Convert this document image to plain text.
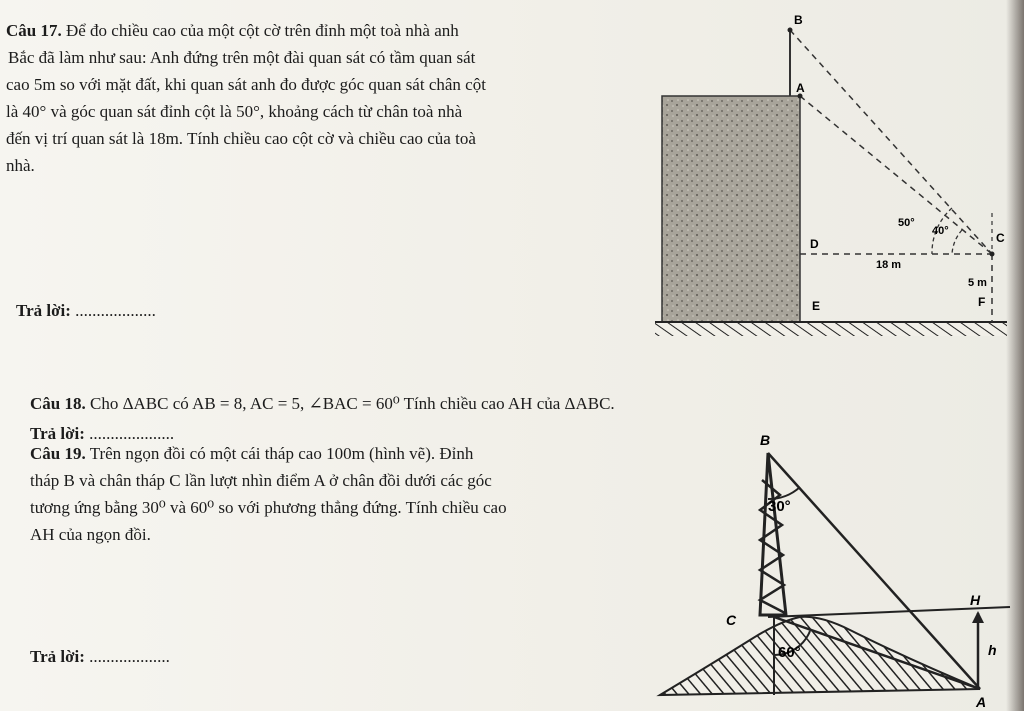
Câu 17. Để đo chiều cao của một cột cờ trên đỉnh một toà nhà anh
Bắc đã làm như sau: Anh đứng trên một đài quan sát có tầm quan sát
cao 5m so với mặt đất, khi quan sát anh đo được góc quan sát chân cột
là 40° và góc quan sát đỉnh cột là 50°, khoảng cách từ chân toà nhà
đến vị trí quan sát là 18m. Tính chiều cao cột cờ và chiều cao của toà
nhà.
Trả lời: ...................
B
A
D	C
E	F
50°
40°
18 m
5 m
Câu 18. Cho ΔABC có AB = 8, AC = 5, ∠BAC = 60⁰ Tính chiều cao AH của ΔABC.
Trả lời: ....................
Câu 19. Trên ngọn đồi có một cái tháp cao 100m (hình vẽ). Đỉnh
tháp B và chân tháp C lần lượt nhìn điểm A ở chân đồi dưới các góc
tương ứng bằng 30⁰ và 60⁰ so với phương thẳng đứng. Tính chiều cao
AH của ngọn đồi.
Trả lời: ...................
B
30°
C
60°
H
h
A
